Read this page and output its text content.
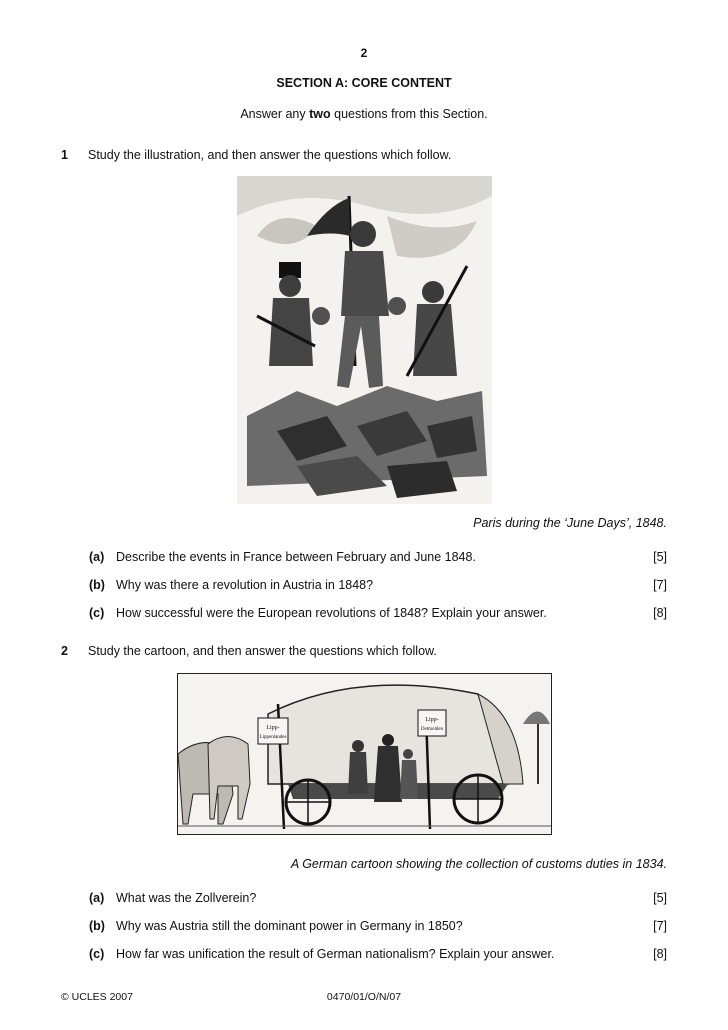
2
SECTION A: CORE CONTENT
Answer any two questions from this Section.
1 Study the illustration, and then answer the questions which follow.
Paris during the ‘June Days’, 1848.
(a) Describe the events in France between February and June 1848.	[5]
(b) Why was there a revolution in Austria in 1848?	[7]
(c) How successful were the European revolutions of 1848? Explain your answer.	[8]
2 Study the cartoon, and then answer the questions which follow.
Lipp-
Lippenlandes
Lipp-
Detmolden
A German cartoon showing the collection of customs duties in 1834.
(a) What was the Zollverein?	[5]
(b) Why was Austria still the dominant power in Germany in 1850?	[7]
(c) How far was unification the result of German nationalism? Explain your answer.	[8]
© UCLES 2007	0470/01/O/N/07
